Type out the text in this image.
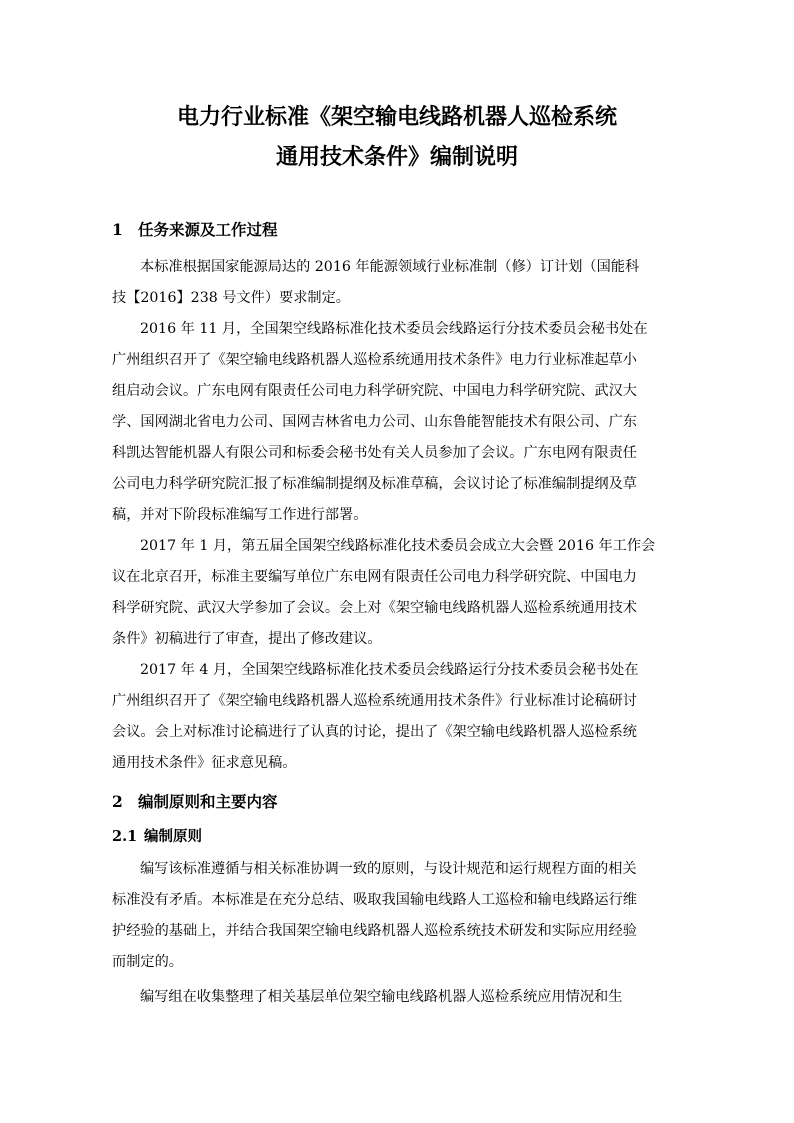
电力行业标准《架空输电线路机器人巡检系统
通用技术条件》编制说明
1 任务来源及工作过程
本标准根据国家能源局达的 2016 年能源领域行业标准制（修）订计划（国能科
技【2016】238 号文件）要求制定。
2016 年 11 月，全国架空线路标准化技术委员会线路运行分技术委员会秘书处在
广州组织召开了《架空输电线路机器人巡检系统通用技术条件》电力行业标准起草小
组启动会议。广东电网有限责任公司电力科学研究院、中国电力科学研究院、武汉大
学、国网湖北省电力公司、国网吉林省电力公司、山东鲁能智能技术有限公司、广东
科凯达智能机器人有限公司和标委会秘书处有关人员参加了会议。广东电网有限责任
公司电力科学研究院汇报了标准编制提纲及标准草稿，会议讨论了标准编制提纲及草
稿，并对下阶段标准编写工作进行部署。
2017 年 1 月，第五届全国架空线路标准化技术委员会成立大会暨 2016 年工作会
议在北京召开，标准主要编写单位广东电网有限责任公司电力科学研究院、中国电力
科学研究院、武汉大学参加了会议。会上对《架空输电线路机器人巡检系统通用技术
条件》初稿进行了审查，提出了修改建议。
2017 年 4 月，全国架空线路标准化技术委员会线路运行分技术委员会秘书处在
广州组织召开了《架空输电线路机器人巡检系统通用技术条件》行业标准讨论稿研讨
会议。会上对标准讨论稿进行了认真的讨论，提出了《架空输电线路机器人巡检系统
通用技术条件》征求意见稿。
2 编制原则和主要内容
2.1 编制原则
编写该标准遵循与相关标准协调一致的原则，与设计规范和运行规程方面的相关
标准没有矛盾。本标准是在充分总结、吸取我国输电线路人工巡检和输电线路运行维
护经验的基础上，并结合我国架空输电线路机器人巡检系统技术研发和实际应用经验
而制定的。
编写组在收集整理了相关基层单位架空输电线路机器人巡检系统应用情况和生
